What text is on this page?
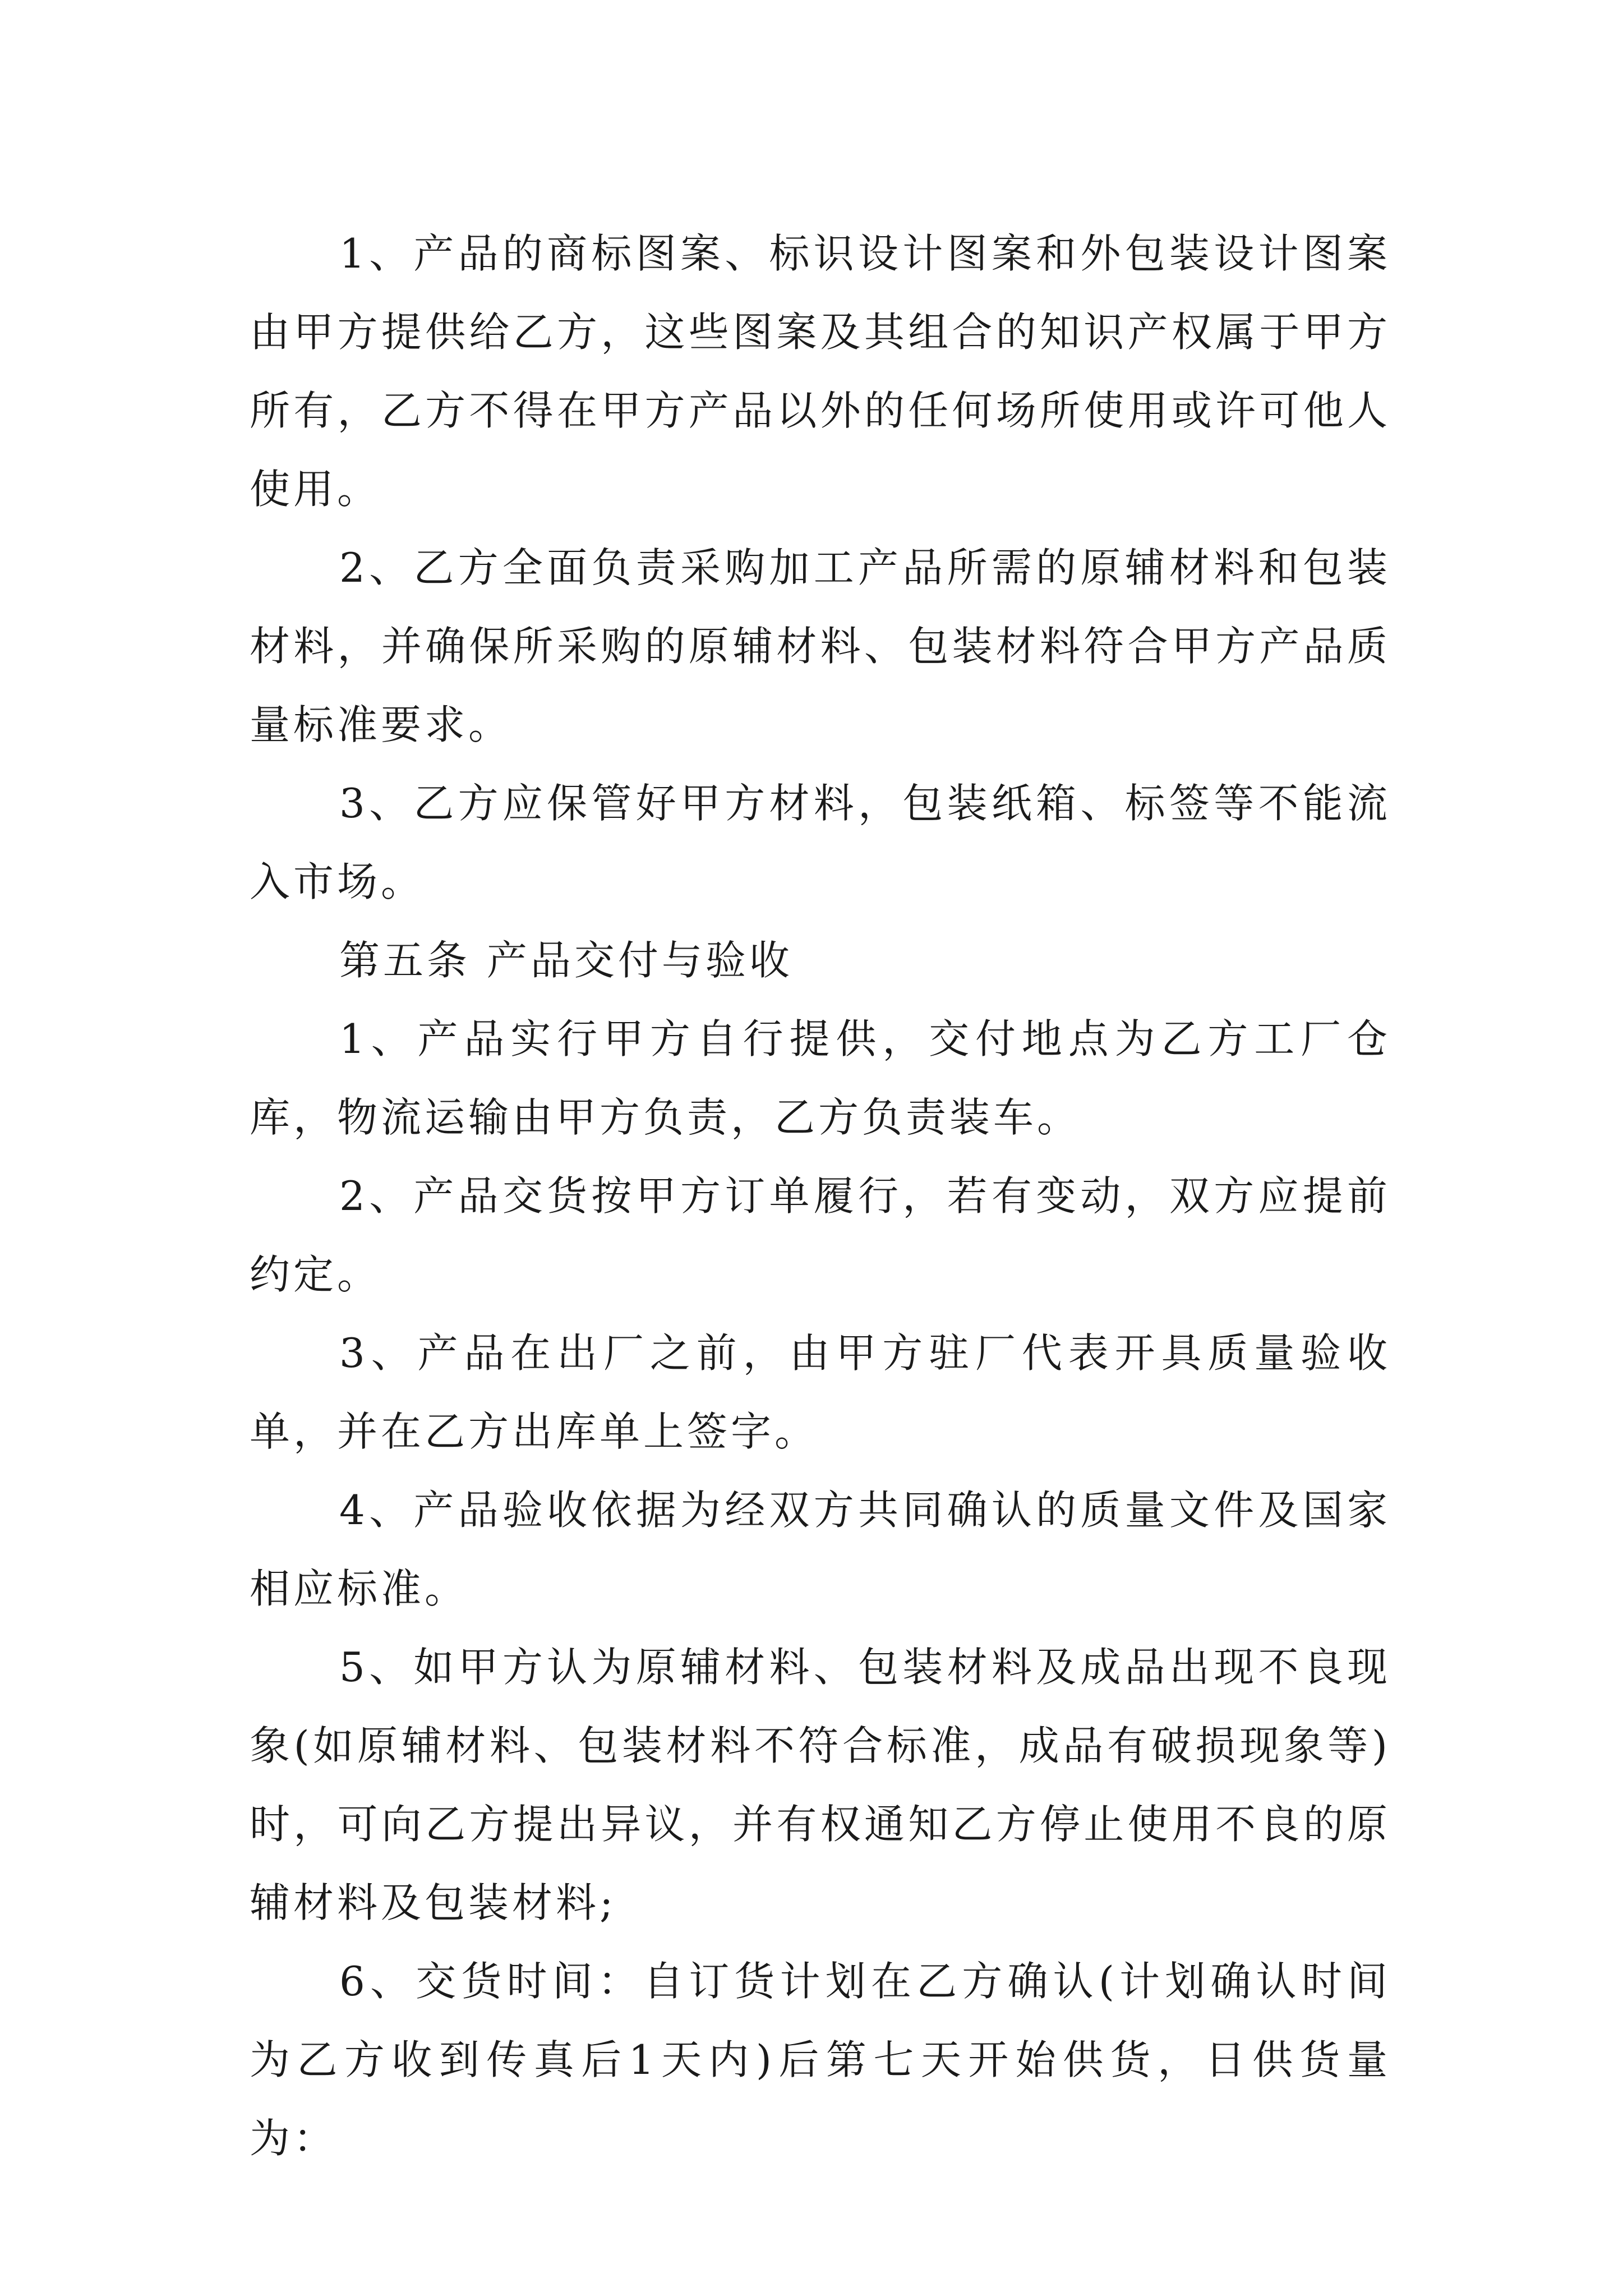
1、产品的商标图案、标识设计图案和外包装设计图案由甲方提供给乙方，这些图案及其组合的知识产权属于甲方所有，乙方不得在甲方产品以外的任何场所使用或许可他人使用。

2、乙方全面负责采购加工产品所需的原辅材料和包装材料，并确保所采购的原辅材料、包装材料符合甲方产品质量标准要求。

3、乙方应保管好甲方材料，包装纸箱、标签等不能流入市场。

第五条 产品交付与验收

1、产品实行甲方自行提供，交付地点为乙方工厂仓库，物流运输由甲方负责，乙方负责装车。

2、产品交货按甲方订单履行，若有变动，双方应提前约定。

3、产品在出厂之前，由甲方驻厂代表开具质量验收单，并在乙方出库单上签字。

4、产品验收依据为经双方共同确认的质量文件及国家相应标准。

5、如甲方认为原辅材料、包装材料及成品出现不良现象(如原辅材料、包装材料不符合标准，成品有破损现象等)时，可向乙方提出异议，并有权通知乙方停止使用不良的原辅材料及包装材料;

6、交货时间：自订货计划在乙方确认(计划确认时间为乙方收到传真后1天内)后第七天开始供货，日供货量为：
